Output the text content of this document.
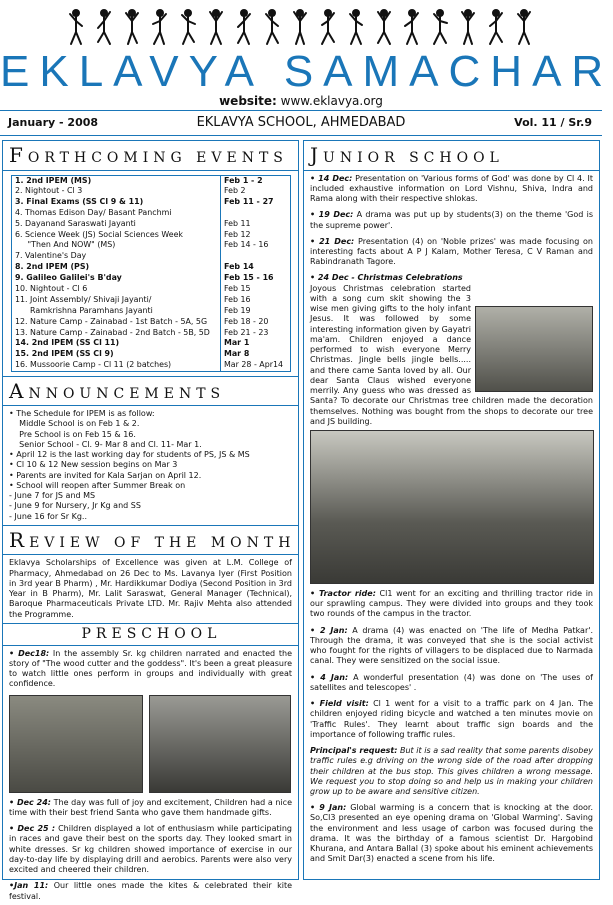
EKLAVYA SAMACHAR
website: www.eklavya.org
January - 2008	EKLAVYA SCHOOL, AHMEDABAD	Vol. 11 / Sr.9
FORTHCOMING EVENTS
1. 2nd IPEM (MS)	Feb 1 - 2
2. Nightout - Cl 3	Feb 2
3. Final Exams (SS Cl 9 & 11)	Feb 11 - 27
4. Thomas Edison Day/ Basant Panchmi	
5. Dayanand Saraswati Jayanti	Feb 11
6. Science Week (JS) Social Sciences Week	Feb 12
"Then And NOW" (MS)	Feb 14 - 16
7. Valentine's Day	
8. 2nd IPEM (PS)	Feb 14
9. Galileo Galilei's B'day	Feb 15 - 16
10. Nightout - Cl 6	Feb 15
11. Joint Assembly/ Shivaji Jayanti/	Feb 16
Ramkrishna Paramhans Jayanti	Feb 19
12. Nature Camp - Zainabad - 1st Batch - 5A, 5G	Feb 18 - 20
13. Nature Camp - Zainabad - 2nd Batch - 5B, 5D	Feb 21 - 23
14. 2nd IPEM (SS Cl 11)	Mar 1
15. 2nd IPEM (SS Cl 9)	Mar 8
16. Mussoorie Camp - Cl 11 (2 batches)	Mar 28 - Apr14
ANNOUNCEMENTS
• The Schedule for IPEM is as follow:
Middle School is on Feb 1 & 2.
Pre School is on Feb 15 & 16.
Senior School - Cl. 9- Mar 8 and Cl. 11- Mar 1.
• April 12 is the last working day for students of PS, JS & MS
• Cl 10 & 12 New session begins on Mar 3
• Parents are invited for Kala Sarjan on April 12.
• School will reopen after Summer Break on
- June 7 for JS and MS
- June 9 for Nursery, Jr Kg and SS
- June 16 for Sr Kg..
REVIEW OF THE MONTH
Eklavya Scholarships of Excellence was given at L.M. College of Pharmacy, Ahmedabad on 26 Dec to Ms. Lavanya Iyer (First Position in 3rd year B Pharm) , Mr. Hardikkumar Dodiya (Second Position in 3rd Year in B Pharm), Mr. Lalit Saraswat, General Manager (Technical), Baroque Pharmaceuticals Private LTD. Mr. Rajiv Mehta also attended the Programme.
PRESCHOOL
• Dec18: In the assembly Sr. kg children narrated and enacted the story of "The wood cutter and the goddess". It's been a great pleasure to watch little ones perform in groups and individually with great confidence.
• Dec 24: The day was full of joy and excitement, Children had a nice time with their best friend Santa who gave them handmade gifts.
• Dec 25 : Children displayed a lot of enthusiasm while participating in races and gave their best on the sports day. They looked smart in white dresses. Sr kg children showed importance of exercise in our day-to-day life by displaying drill and aerobics. Parents were also very excited and cheered their children.
•Jan 11: Our little ones made the kites & celebrated their kite festival.
JUNIOR SCHOOL
• 14 Dec: Presentation on 'Various forms of God' was done by Cl 4. It included exhaustive information on Lord Vishnu, Shiva, Indra and Rama along with their respective shlokas.
• 19 Dec: A drama was put up by students(3) on the theme 'God is the supreme power'.
• 21 Dec: Presentation (4) on 'Noble prizes' was made focusing on interesting facts about A P J Kalam, Mother Teresa, C V Raman and Rabindranath Tagore.
• 24 Dec - Christmas Celebrations
Joyous Christmas celebration started with a song cum skit showing the 3 wise men giving gifts to the holy infant Jesus. It was followed by some interesting information given by Gayatri ma'am. Children enjoyed a dance performed to wish everyone Merry Christmas. Jingle bells jingle bells..... and there came Santa loved by all. Our dear Santa Claus wished everyone merrily. Any guess who was dressed as Santa? To decorate our Christmas tree children made the decoration themselves. Nothing was bought from the shops to decorate our tree and JS building.
• Tractor ride: Cl1 went for an exciting and thrilling tractor ride in our sprawling campus. They were divided into groups and they took two rounds of the campus in the tractor.
• 2 Jan: A drama (4) was enacted on 'The life of Medha Patkar'. Through the drama, it was conveyed that she is the social activist who fought for the rights of villagers to be displaced due to Narmada canal. They were sensitized on the social issue.
• 4 Jan: A wonderful presentation (4) was done on 'The uses of satellites and telescopes' .
• Field visit: Cl 1 went for a visit to a traffic park on 4 Jan. The children enjoyed riding bicycle and watched a ten minutes movie on 'Traffic Rules'. They learnt about traffic sign boards and the importance of following traffic rules.
Principal's request: But it is a sad reality that some parents disobey traffic rules e.g driving on the wrong side of the road after dropping their children at the bus stop. This gives children a wrong message. We request you to stop doing so and help us in making your children grow up to be aware and sensitive citizen.
• 9 Jan: Global warming is a concern that is knocking at the door. So,Cl3 presented an eye opening drama on 'Global Warming'. Saving the environment and less usage of carbon was focused during the drama. It was the birthday of a famous scientist Dr. Hargobind Khurana, and Antara Ballal (3) spoke about his eminent achievements and Smit Dar(3) enacted a scene from his life.
